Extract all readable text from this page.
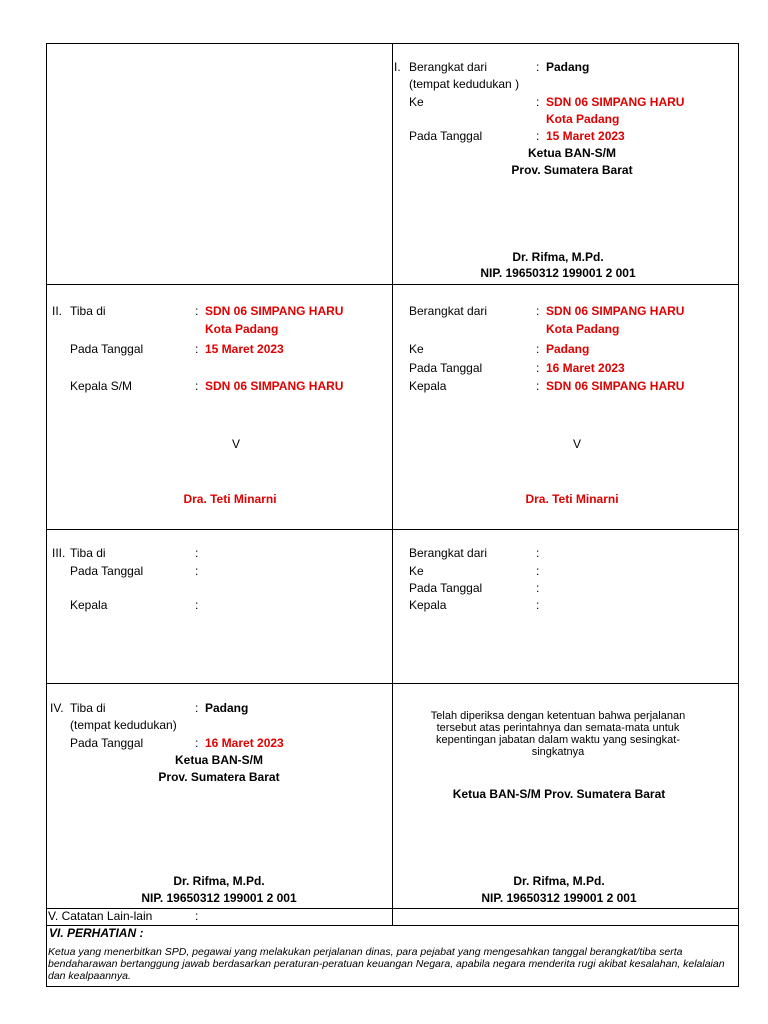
I. Berangkat dari	: Padang
(tempat kedudukan )
Ke	: SDN 06 SIMPANG HARU
Kota Padang
Pada Tanggal	: 15 Maret 2023
Ketua BAN-S/M
Prov. Sumatera Barat
Dr. Rifma, M.Pd.
NIP. 19650312 199001 2 001
II. Tiba di	: SDN 06 SIMPANG HARU
Kota Padang
Pada Tanggal	: 15 Maret 2023
Kepala S/M	: SDN 06 SIMPANG HARU
V
Dra. Teti Minarni
Berangkat dari	: SDN 06 SIMPANG HARU
Kota Padang
Ke	: Padang
Pada Tanggal	: 16 Maret 2023
Kepala	: SDN 06 SIMPANG HARU
V
Dra. Teti Minarni
III. Tiba di	:
Pada Tanggal	:
Kepala	:
Berangkat dari	:
Ke	:
Pada Tanggal	:
Kepala	:
IV. Tiba di	: Padang
(tempat kedudukan)
Pada Tanggal	: 16 Maret 2023
Ketua BAN-S/M
Prov. Sumatera Barat
Dr. Rifma, M.Pd.
NIP. 19650312 199001 2 001
Telah diperiksa dengan ketentuan bahwa perjalanan
tersebut atas perintahnya dan semata-mata untuk
kepentingan jabatan dalam waktu yang sesingkat-
singkatnya
Ketua BAN-S/M Prov. Sumatera Barat
Dr. Rifma, M.Pd.
NIP. 19650312 199001 2 001
V. Catatan Lain-lain	:
VI. PERHATIAN :
Ketua yang menerbitkan SPD, pegawai yang melakukan perjalanan dinas, para pejabat yang mengesahkan tanggal berangkat/tiba serta bendaharawan bertanggung jawab berdasarkan peraturan-peratuan keuangan Negara, apabila negara menderita rugi akibat kesalahan, kelalaian dan kealpaannya.
